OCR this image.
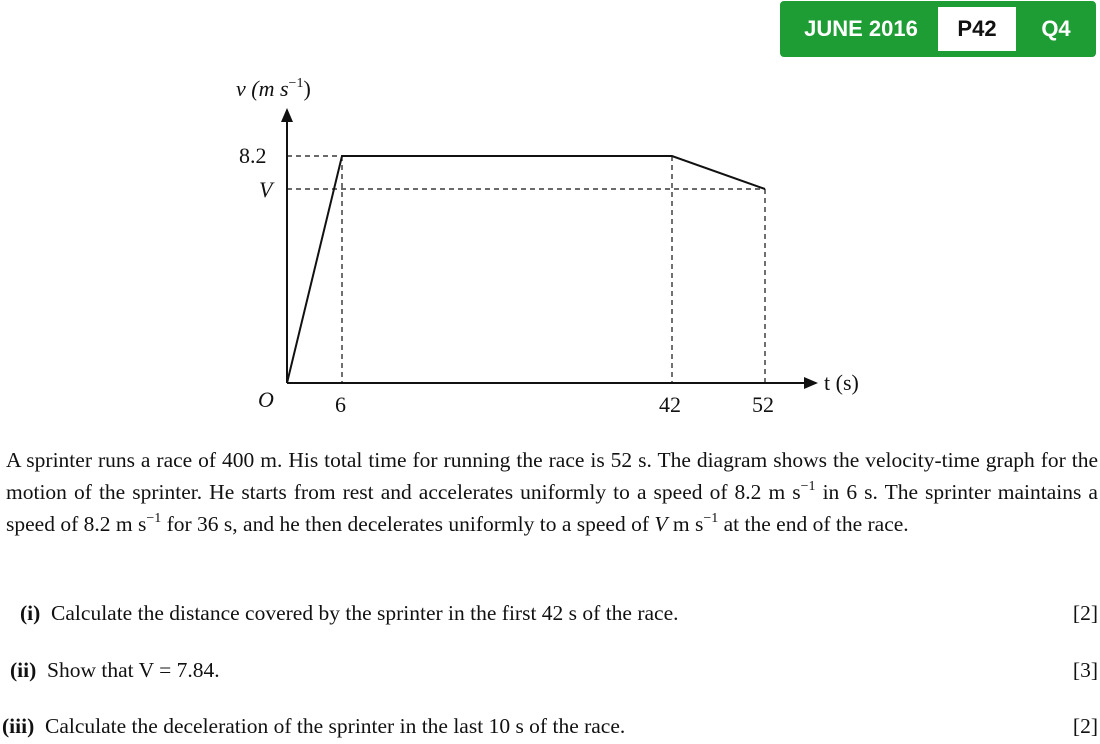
JUNE 2016	P42	Q4
v (m $s^{-1}$)
8.2
V
O	6	42	52
t (s)
A sprinter runs a race of 400 m. His total time for running the race is 52 s. The diagram shows the velocity-time graph for the motion of the sprinter. He starts from rest and accelerates uniformly to a speed of 8.2 m $s^{-1}$ in 6 s. The sprinter maintains a speed of 8.2 m $s^{-1}$ for 36 s, and he then decelerates uniformly to a speed of V m $s^{-1}$ at the end of the race.
(i) Calculate the distance covered by the sprinter in the first 42 s of the race.	[2]
(ii) Show that V = 7.84.	[3]
(iii) Calculate the deceleration of the sprinter in the last 10 s of the race.	[2]
